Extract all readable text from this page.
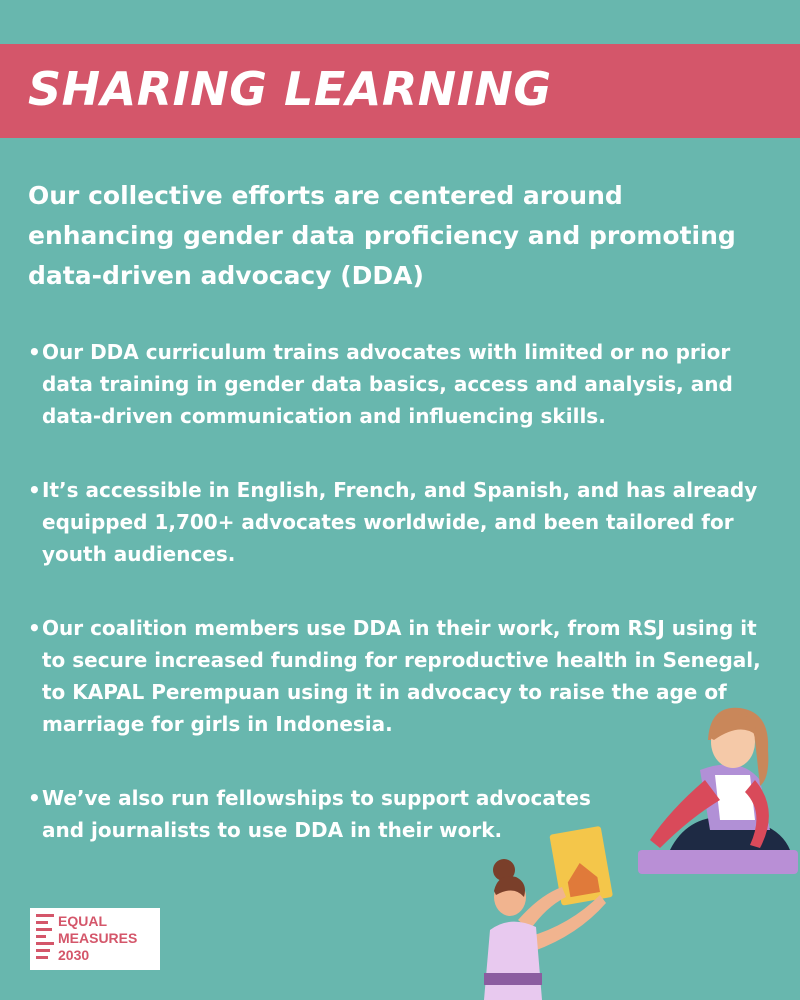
SHARING LEARNING

Our collective efforts are centered around enhancing gender data proficiency and promoting data-driven advocacy (DDA)

• Our DDA curriculum trains advocates with limited or no prior data training in gender data basics, access and analysis, and data-driven communication and influencing skills.
• It’s accessible in English, French, and Spanish, and has already equipped 1,700+ advocates worldwide, and been tailored for youth audiences.
• Our coalition members use DDA in their work, from RSJ using it to secure increased funding for reproductive health in Senegal, to KAPAL Perempuan using it in advocacy to raise the age of marriage for girls in Indonesia.
• We’ve also run fellowships to support advocates and journalists to use DDA in their work.
EQUAL
MEASURES
2030
